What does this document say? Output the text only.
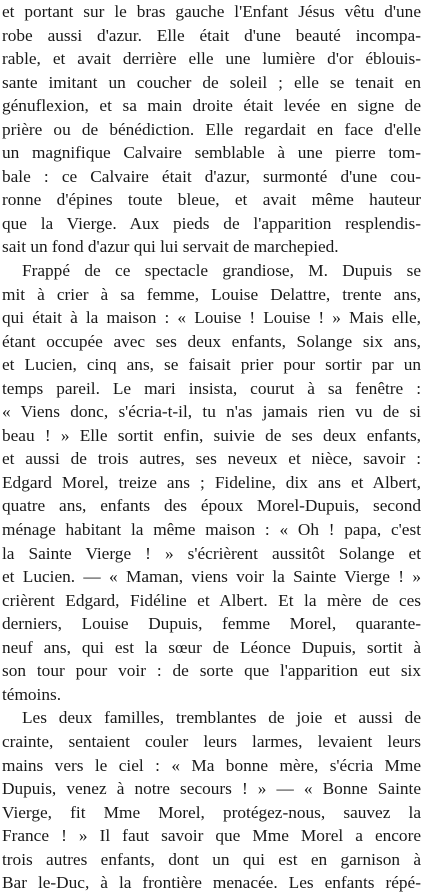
et portant sur le bras gauche l'Enfant Jésus vêtu d'une
robe aussi d'azur. Elle était d'une beauté incompa-
rable, et avait derrière elle une lumière d'or éblouis-
sante imitant un coucher de soleil ; elle se tenait en
génuflexion, et sa main droite était levée en signe de
prière ou de bénédiction. Elle regardait en face d'elle
un magnifique Calvaire semblable à une pierre tom-
bale : ce Calvaire était d'azur, surmonté d'une cou-
ronne d'épines toute bleue, et avait même hauteur
que la Vierge. Aux pieds de l'apparition resplendis-
sait un fond d'azur qui lui servait de marchepied.
Frappé de ce spectacle grandiose, M. Dupuis se
mit à crier à sa femme, Louise Delattre, trente ans,
qui était à la maison : « Louise ! Louise ! » Mais elle,
étant occupée avec ses deux enfants, Solange six ans,
et Lucien, cinq ans, se faisait prier pour sortir par un
temps pareil. Le mari insista, courut à sa fenêtre :
« Viens donc, s'écria-t-il, tu n'as jamais rien vu de si
beau ! » Elle sortit enfin, suivie de ses deux enfants,
et aussi de trois autres, ses neveux et nièce, savoir :
Edgard Morel, treize ans ; Fideline, dix ans et Albert,
quatre ans, enfants des époux Morel-Dupuis, second
ménage habitant la même maison : « Oh ! papa, c'est
la Sainte Vierge ! » s'écrièrent aussitôt Solange et
et Lucien. — « Maman, viens voir la Sainte Vierge ! »
crièrent Edgard, Fidéline et Albert. Et la mère de ces
derniers, Louise Dupuis, femme Morel, quarante-
neuf ans, qui est la sœur de Léonce Dupuis, sortit à
son tour pour voir : de sorte que l'apparition eut six
témoins.
Les deux familles, tremblantes de joie et aussi de
crainte, sentaient couler leurs larmes, levaient leurs
mains vers le ciel : « Ma bonne mère, s'écria Mme
Dupuis, venez à notre secours ! » — « Bonne Sainte
Vierge, fit Mme Morel, protégez-nous, sauvez la
France ! » Il faut savoir que Mme Morel a encore
trois autres enfants, dont un qui est en garnison à
Bar le-Duc, à la frontière menacée. Les enfants répé-
